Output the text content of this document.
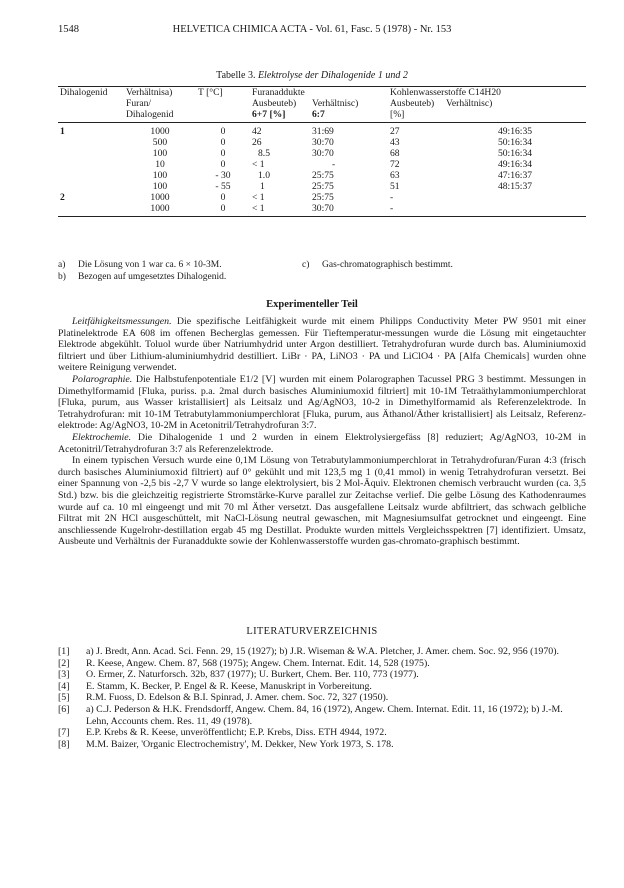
1548	HELVETICA CHIMICA ACTA - Vol. 61, Fasc. 5 (1978) - Nr. 153
Tabelle 3. Elektrolyse der Dihalogenide 1 und 2
Dihalogenid	Verhältnisa)	T [°C]	Furanaddukte		Kohlenwasserstoffe C14H20	
	Furan/		Ausbeuteb)	Verhältnisc)	Ausbeuteb)	Verhältnisc)
	Dihalogenid		6+7 [%]	6:7	[%]	
1	1000	0	42	31:69	27	49:16:35
	500	0	26	30:70	43	50:16:34
	100	0	8.5	30:70	68	50:16:34
	10	0	< 1	-	72	49:16:34
	100	- 30	1.0	25:75	63	47:16:37
	100	- 55	1	25:75	51	48:15:37
2	1000	0	< 1	25:75	-	
	1000	0	< 1	30:70	-	
a) Die Lösung von 1 war ca. 6 × 10-3M.	c) Gas-chromatographisch bestimmt.
b) Bezogen auf umgesetztes Dihalogenid.
Experimenteller Teil

Leitfähigkeitsmessungen. Die spezifische Leitfähigkeit wurde mit einem Philipps Conductivity Meter PW 9501 mit einer Platinelektrode EA 608 im offenen Becherglas gemessen. Für Tieftemperatur-messungen wurde die Lösung mit eingetauchter Elektrode abgekühlt. Toluol wurde über Natriumhydrid unter Argon destilliert. Tetrahydrofuran wurde durch bas. Aluminiumoxid filtriert und über Lithium-aluminiumhydrid destilliert. LiBr · PA, LiNO3 · PA und LiClO4 · PA [Alfa Chemicals] wurden ohne weitere Reinigung verwendet.

Polarographie. Die Halbstufenpotentiale E1/2 [V] wurden mit einem Polarographen Tacussel PRG 3 bestimmt. Messungen in Dimethylformamid [Fluka, puriss. p.a. 2mal durch basisches Aluminiumoxid filtriert] mit 10-1M Tetraäthylammoniumperchlorat [Fluka, purum, aus Wasser kristallisiert] als Leitsalz und Ag/AgNO3, 10-2 in Dimethylformamid als Referenzelektrode. In Tetrahydrofuran: mit 10-1M Tetrabutylammoniumperchlorat [Fluka, purum, aus Äthanol/Äther kristallisiert] als Leitsalz, Referenz-elektrode: Ag/AgNO3, 10-2M in Acetonitril/Tetrahydrofuran 3:7.

Elektrochemie. Die Dihalogenide 1 und 2 wurden in einem Elektrolysiergefäss [8] reduziert; Ag/AgNO3, 10-2M in Acetonitril/Tetrahydrofuran 3:7 als Referenzelektrode.

In einem typischen Versuch wurde eine 0,1M Lösung von Tetrabutylammoniumperchlorat in Tetrahydrofuran/Furan 4:3 (frisch durch basisches Aluminiumoxid filtriert) auf 0° gekühlt und mit 123,5 mg 1 (0,41 mmol) in wenig Tetrahydrofuran versetzt. Bei einer Spannung von -2,5 bis -2,7 V wurde so lange elektrolysiert, bis 2 Mol-Äquiv. Elektronen chemisch verbraucht wurden (ca. 3,5 Std.) bzw. bis die gleichzeitig registrierte Stromstärke-Kurve parallel zur Zeitachse verlief. Die gelbe Lösung des Kathodenraumes wurde auf ca. 10 ml eingeengt und mit 70 ml Äther versetzt. Das ausgefallene Leitsalz wurde abfiltriert, das schwach gelbliche Filtrat mit 2N HCl ausgeschüttelt, mit NaCl-Lösung neutral gewaschen, mit Magnesiumsulfat getrocknet und eingeengt. Eine anschliessende Kugelrohr-destillation ergab 45 mg Destillat. Produkte wurden mittels Vergleichsspektren [7] identifiziert. Umsatz, Ausbeute und Verhältnis der Furanaddukte sowie der Kohlenwasserstoffe wurden gas-chromato-graphisch bestimmt.

LITERATURVERZEICHNIS
[1] a) J. Bredt, Ann. Acad. Sci. Fenn. 29, 15 (1927); b) J.R. Wiseman & W.A. Pletcher, J. Amer. chem. Soc. 92, 956 (1970).
[2] R. Keese, Angew. Chem. 87, 568 (1975); Angew. Chem. Internat. Edit. 14, 528 (1975).
[3] O. Ermer, Z. Naturforsch. 32b, 837 (1977); U. Burkert, Chem. Ber. 110, 773 (1977).
[4] E. Stamm, K. Becker, P. Engel & R. Keese, Manuskript in Vorbereitung.
[5] R.M. Fuoss, D. Edelson & B.I. Spinrad, J. Amer. chem. Soc. 72, 327 (1950).
[6] a) C.J. Pederson & H.K. Frendsdorff, Angew. Chem. 84, 16 (1972), Angew. Chem. Internat. Edit. 11, 16 (1972); b) J.-M. Lehn, Accounts chem. Res. 11, 49 (1978).
[7] E.P. Krebs & R. Keese, unveröffentlicht; E.P. Krebs, Diss. ETH 4944, 1972.
[8] M.M. Baizer, 'Organic Electrochemistry', M. Dekker, New York 1973, S. 178.
